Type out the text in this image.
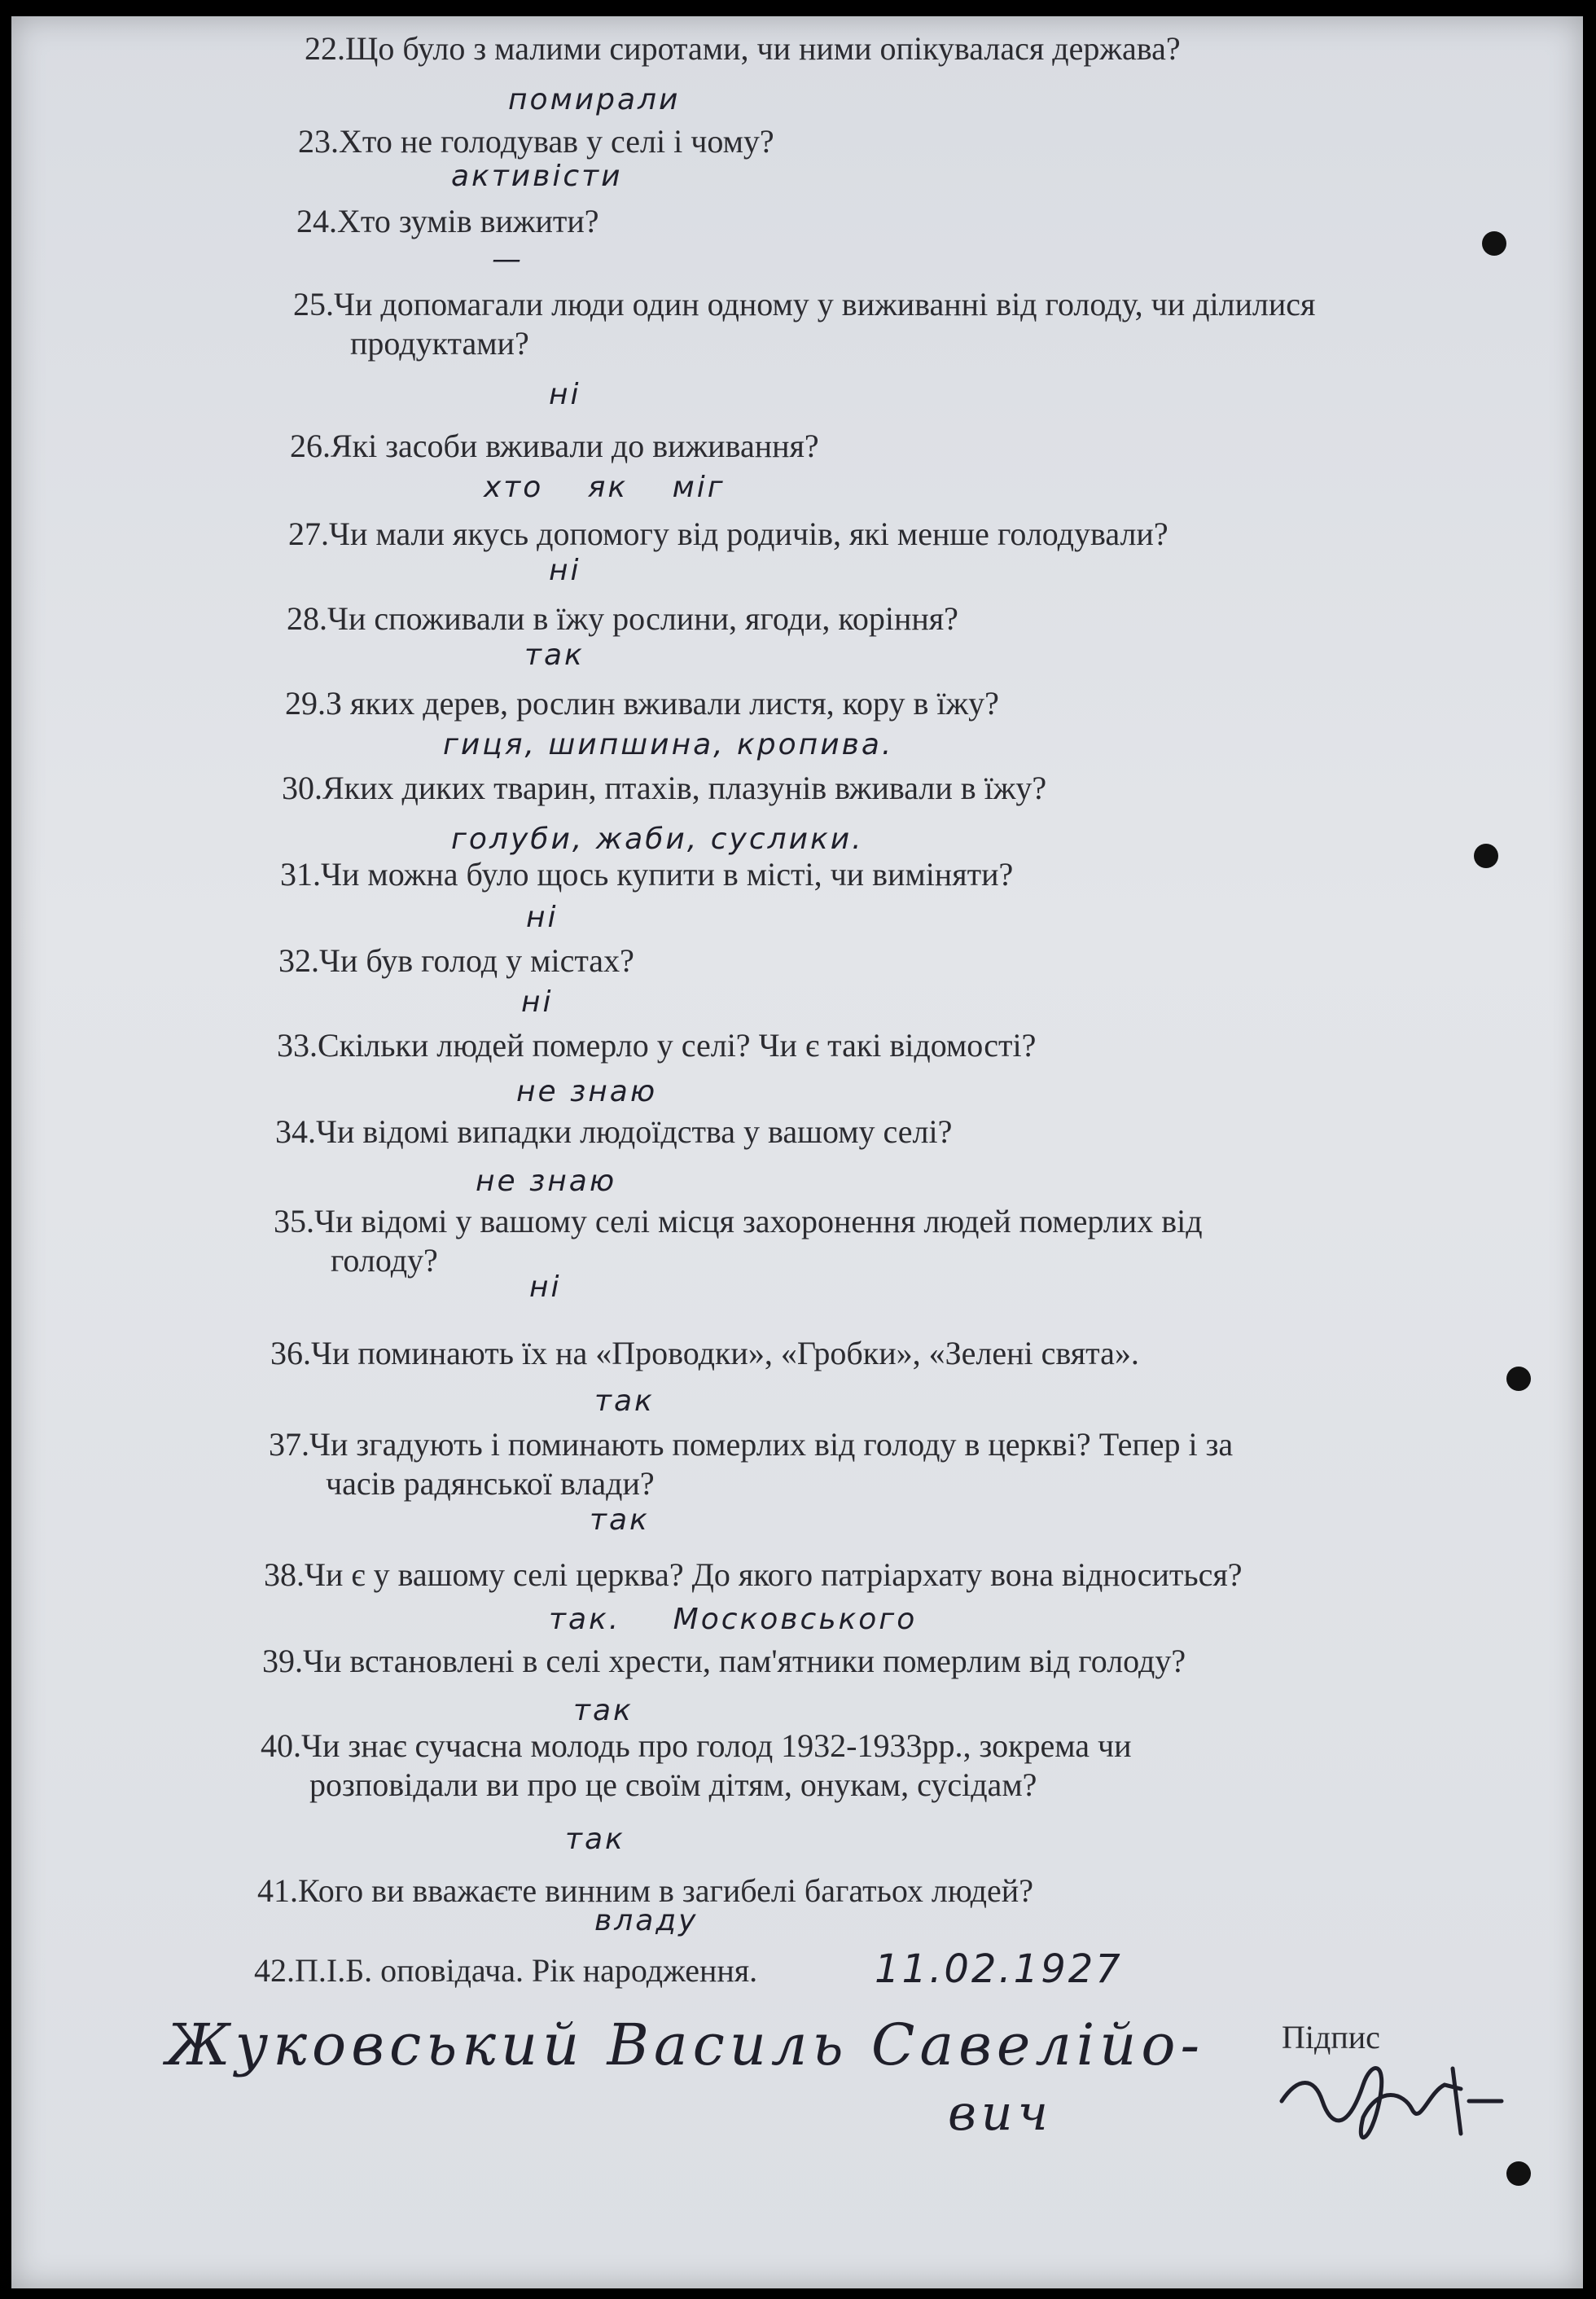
22.Що було з малими сиротами, чи ними опікувалася держава?

23.Хто не голодував у селі і чому?

24.Хто зумів вижити?

25.Чи допомагали люди один одному у виживанні від голоду, чи ділилися
продуктами?

26.Які засоби вживали до виживання?

27.Чи мали якусь допомогу від родичів, які менше голодували?

28.Чи споживали в їжу рослини, ягоди, коріння?

29.З яких дерев, рослин вживали листя, кору в їжу?

30.Яких диких тварин, птахів, плазунів вживали в їжу?

31.Чи можна було щось купити в місті, чи виміняти?

32.Чи був голод у містах?

33.Скільки людей померло у селі? Чи є такі відомості?

34.Чи відомі випадки людоїдства у вашому селі?

35.Чи відомі у вашому селі місця захоронення людей померлих від
голоду?

36.Чи поминають їх на «Проводки», «Гробки», «Зелені свята».

37.Чи згадують і поминають померлих від голоду в церкві? Тепер і за
часів радянської влади?

38.Чи є у вашому селі церква? До якого патріархату вона відноситься?

39.Чи встановлені в селі хрести, пам'ятники померлим від голоду?

40.Чи знає сучасна молодь про голод 1932-1933рр., зокрема чи
розповідали ви про це своїм дітям, онукам, сусідам?

41.Кого ви вважаєте винним в загибелі багатьох людей?

42.П.І.Б. оповідача. Рік народження.

помирали
активісти
—
ні
хто як міг
ні
так
гиця, шипшина, кропива.
голуби, жаби, суслики.
ні
ні
не знаю
не знаю
ні
так
так
так. Московського
так
так
владу
11.02.1927
Жуковський Василь Савелійо-
вич
Підпис
